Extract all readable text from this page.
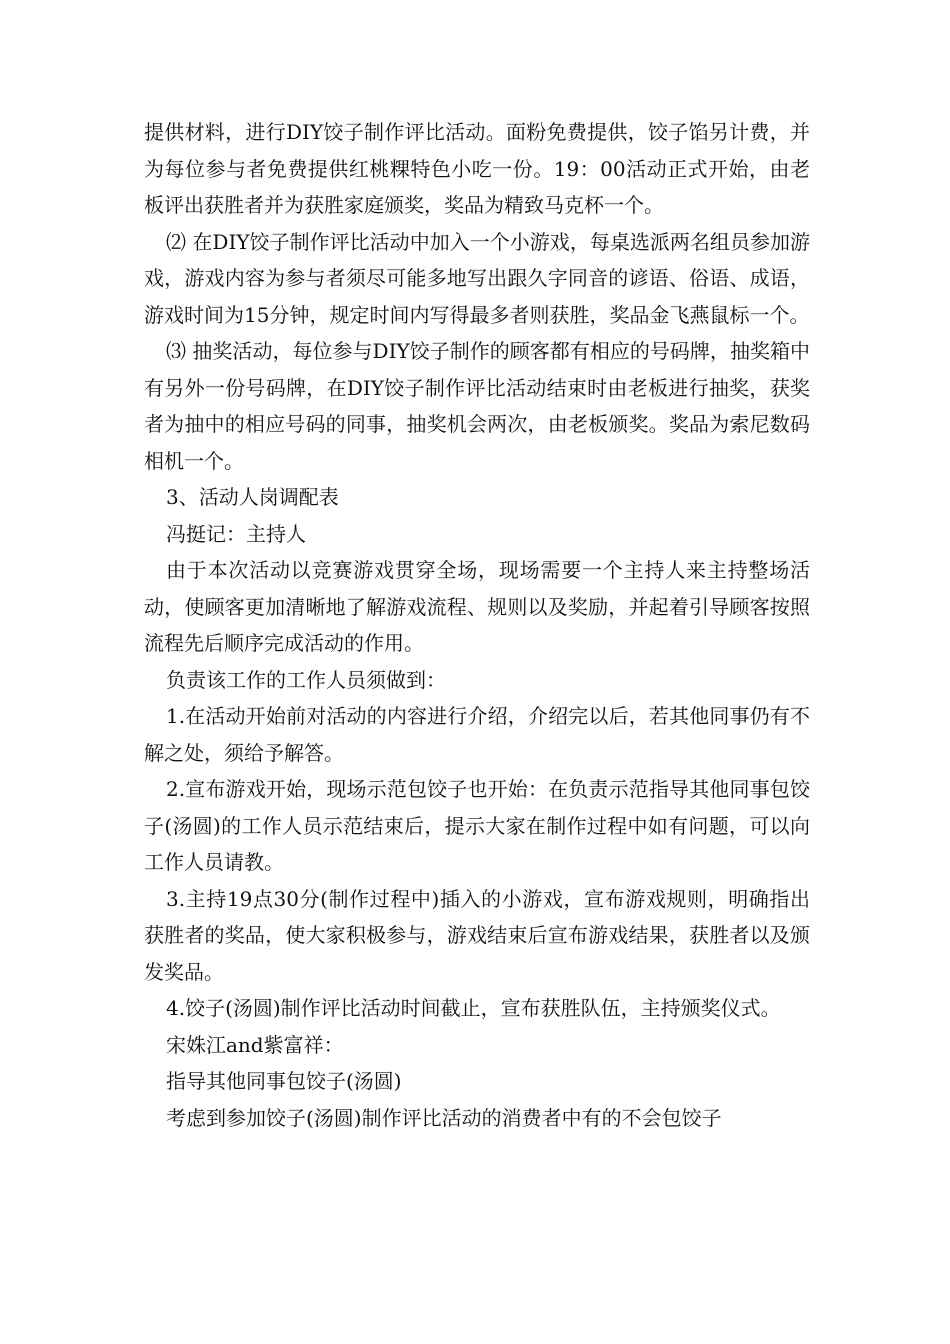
提供材料，进行DIY饺子制作评比活动。面粉免费提供，饺子馅另计费，并为每位参与者免费提供红桃粿特色小吃一份。19：00活动正式开始，由老板评出获胜者并为获胜家庭颁奖，奖品为精致马克杯一个。

⑵ 在DIY饺子制作评比活动中加入一个小游戏，每桌选派两名组员参加游戏，游戏内容为参与者须尽可能多地写出跟久字同音的谚语、俗语、成语，游戏时间为15分钟，规定时间内写得最多者则获胜，奖品金飞燕鼠标一个。

⑶ 抽奖活动，每位参与DIY饺子制作的顾客都有相应的号码牌，抽奖箱中有另外一份号码牌，在DIY饺子制作评比活动结束时由老板进行抽奖，获奖者为抽中的相应号码的同事，抽奖机会两次，由老板颁奖。奖品为索尼数码相机一个。

3、活动人岗调配表

冯挺记：主持人

由于本次活动以竞赛游戏贯穿全场，现场需要一个主持人来主持整场活动，使顾客更加清晰地了解游戏流程、规则以及奖励，并起着引导顾客按照流程先后顺序完成活动的作用。

负责该工作的工作人员须做到：

1.在活动开始前对活动的内容进行介绍，介绍完以后，若其他同事仍有不解之处，须给予解答。

2.宣布游戏开始，现场示范包饺子也开始：在负责示范指导其他同事包饺子(汤圆)的工作人员示范结束后，提示大家在制作过程中如有问题，可以向工作人员请教。

3.主持19点30分(制作过程中)插入的小游戏，宣布游戏规则，明确指出获胜者的奖品，使大家积极参与，游戏结束后宣布游戏结果，获胜者以及颁发奖品。

4.饺子(汤圆)制作评比活动时间截止，宣布获胜队伍，主持颁奖仪式。

宋姝江and紫富祥：

指导其他同事包饺子(汤圆)

考虑到参加饺子(汤圆)制作评比活动的消费者中有的不会包饺子
